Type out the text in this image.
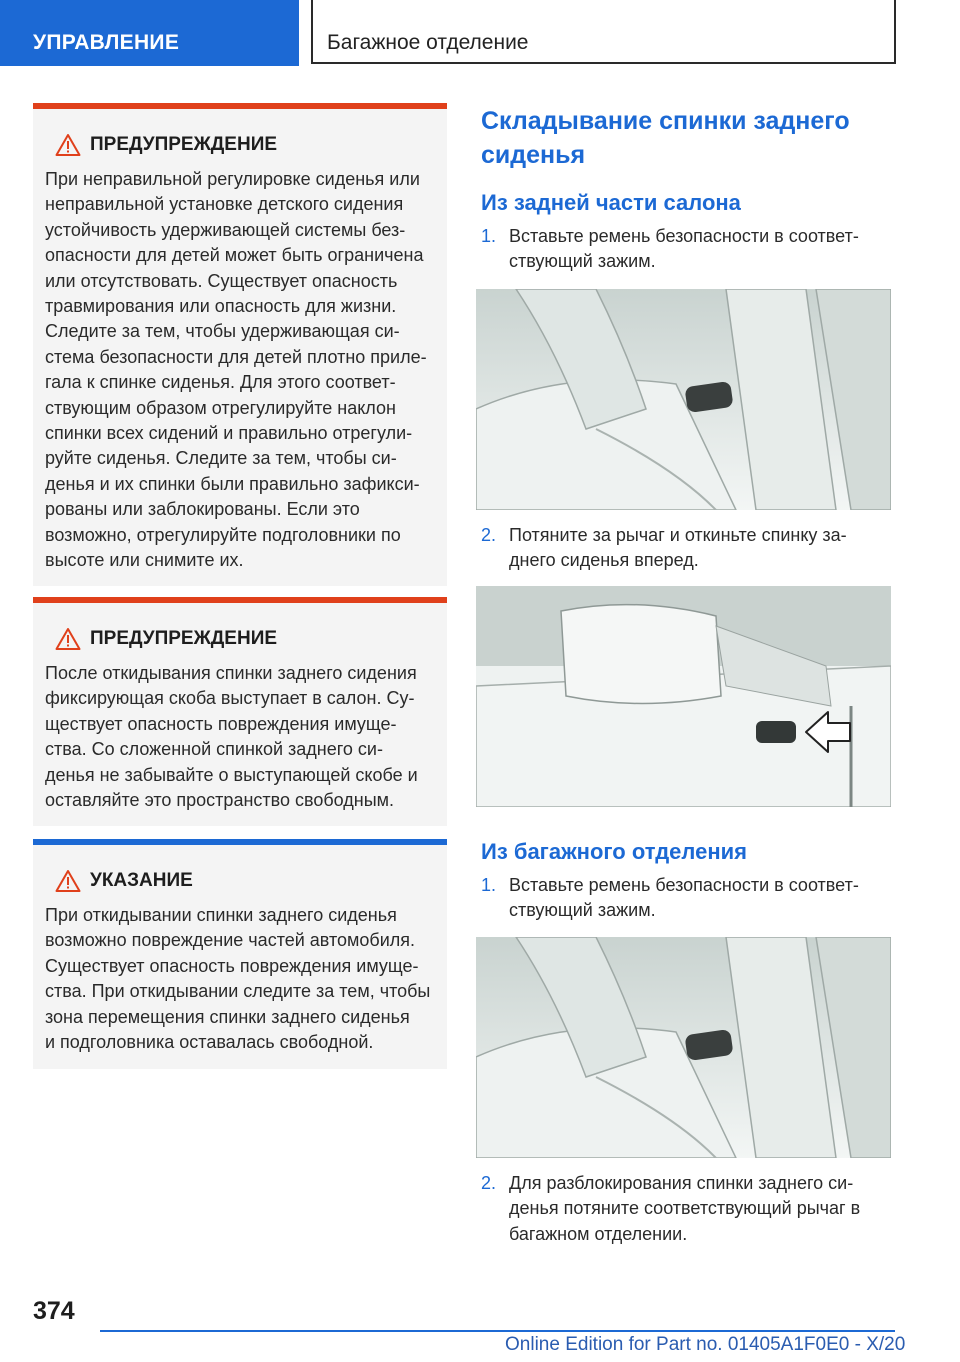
УПРАВЛЕНИЕ	Багажное отделение
ПРЕДУПРЕЖДЕНИЕ

При неправильной регулировке сиденья или

неправильной установке детского сидения

устойчивость удерживающей системы без-

опасности для детей может быть ограничена

или отсутствовать. Существует опасность

травмирования или опасность для жизни.

Следите за тем, чтобы удерживающая си-

стема безопасности для детей плотно приле-

гала к спинке сиденья. Для этого соответ-

ствующим образом отрегулируйте наклон

спинки всех сидений и правильно отрегули-

руйте сиденья. Следите за тем, чтобы си-

денья и их спинки были правильно зафикси-

рованы или заблокированы. Если это

возможно, отрегулируйте подголовники по

высоте или снимите их.

ПРЕДУПРЕЖДЕНИЕ

После откидывания спинки заднего сидения

фиксирующая скоба выступает в салон. Су-

ществует опасность повреждения имуще-

ства. Со сложенной спинкой заднего си-

денья не забывайте о выступающей скобе и

оставляйте это пространство свободным.

УКАЗАНИЕ

При откидывании спинки заднего сиденья

возможно повреждение частей автомобиля.

Существует опасность повреждения имуще-

ства. При откидывании следите за тем, чтобы

зона перемещения спинки заднего сиденья

и подголовника оставалась свободной.

Складывание спинки заднего
сиденья
Из задней части салона
1. Вставьте ремень безопасности в соответ-
ствующий зажим.
2. Потяните за рычаг и откиньте спинку за-
днего сиденья вперед.
Из багажного отделения
1. Вставьте ремень безопасности в соответ-
ствующий зажим.
2. Для разблокирования спинки заднего си-
денья потяните соответствующий рычаг в
багажном отделении.
374
Online Edition for Part no. 01405A1F0E0 - X/20
